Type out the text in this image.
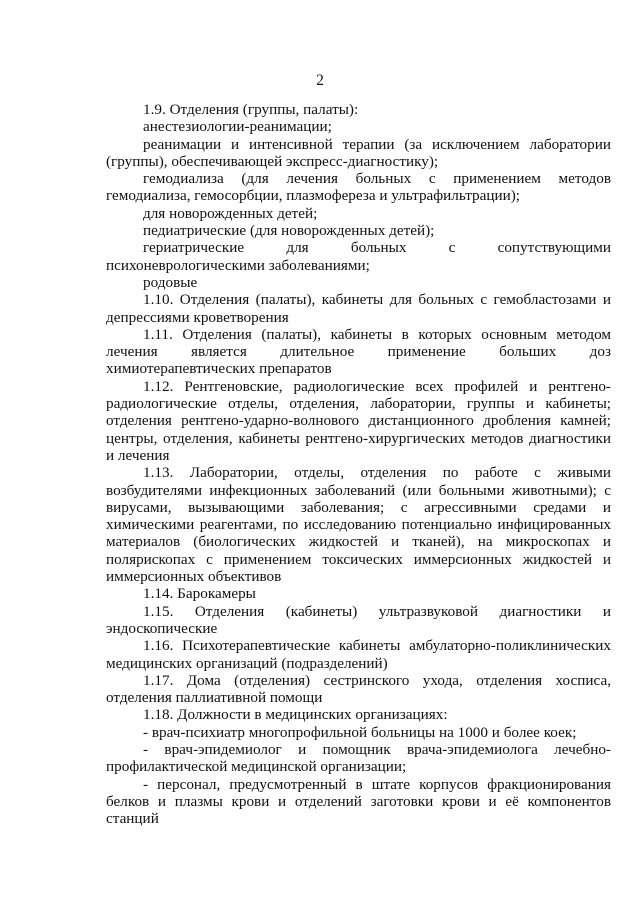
2

1.9. Отделения (группы, палаты):

анестезиологии-реанимации;

реанимации и интенсивной терапии (за исключением лаборатории (группы), обеспечивающей экспресс-диагностику);

гемодиализа (для лечения больных с применением методов гемодиализа, гемосорбции, плазмофереза и ультрафильтрации);

для новорожденных детей;

педиатрические (для новорожденных детей);

гериатрические для больных с сопутствующими психоневрологическими заболеваниями;

родовые

1.10. Отделения (палаты), кабинеты для больных с гемобластозами и депрессиями кроветворения

1.11. Отделения (палаты), кабинеты в которых основным методом лечения является длительное применение больших доз химиотерапевтических препаратов

1.12. Рентгеновские, радиологические всех профилей и рентгено-радиологические отделы, отделения, лаборатории, группы и кабинеты; отделения рентгено-ударно-волнового дистанционного дробления камней; центры, отделения, кабинеты рентгено-хирургических методов диагностики и лечения

1.13. Лаборатории, отделы, отделения по работе с живыми возбудителями инфекционных заболеваний (или больными животными); с вирусами, вызывающими заболевания; с агрессивными средами и химическими реагентами, по исследованию потенциально инфицированных материалов (биологических жидкостей и тканей), на микроскопах и полярископах с применением токсических иммерсионных жидкостей и иммерсионных объективов

1.14. Барокамеры

1.15. Отделения (кабинеты) ультразвуковой диагностики и эндоскопические

1.16. Психотерапевтические кабинеты амбулаторно-поликлинических медицинских организаций (подразделений)

1.17. Дома (отделения) сестринского ухода, отделения хосписа, отделения паллиативной помощи

1.18. Должности в медицинских организациях:

- врач-психиатр многопрофильной больницы на 1000 и более коек;

- врач-эпидемиолог и помощник врача-эпидемиолога лечебно-профилактической медицинской организации;

- персонал, предусмотренный в штате корпусов фракционирования белков и плазмы крови и отделений заготовки крови и её компонентов станций
